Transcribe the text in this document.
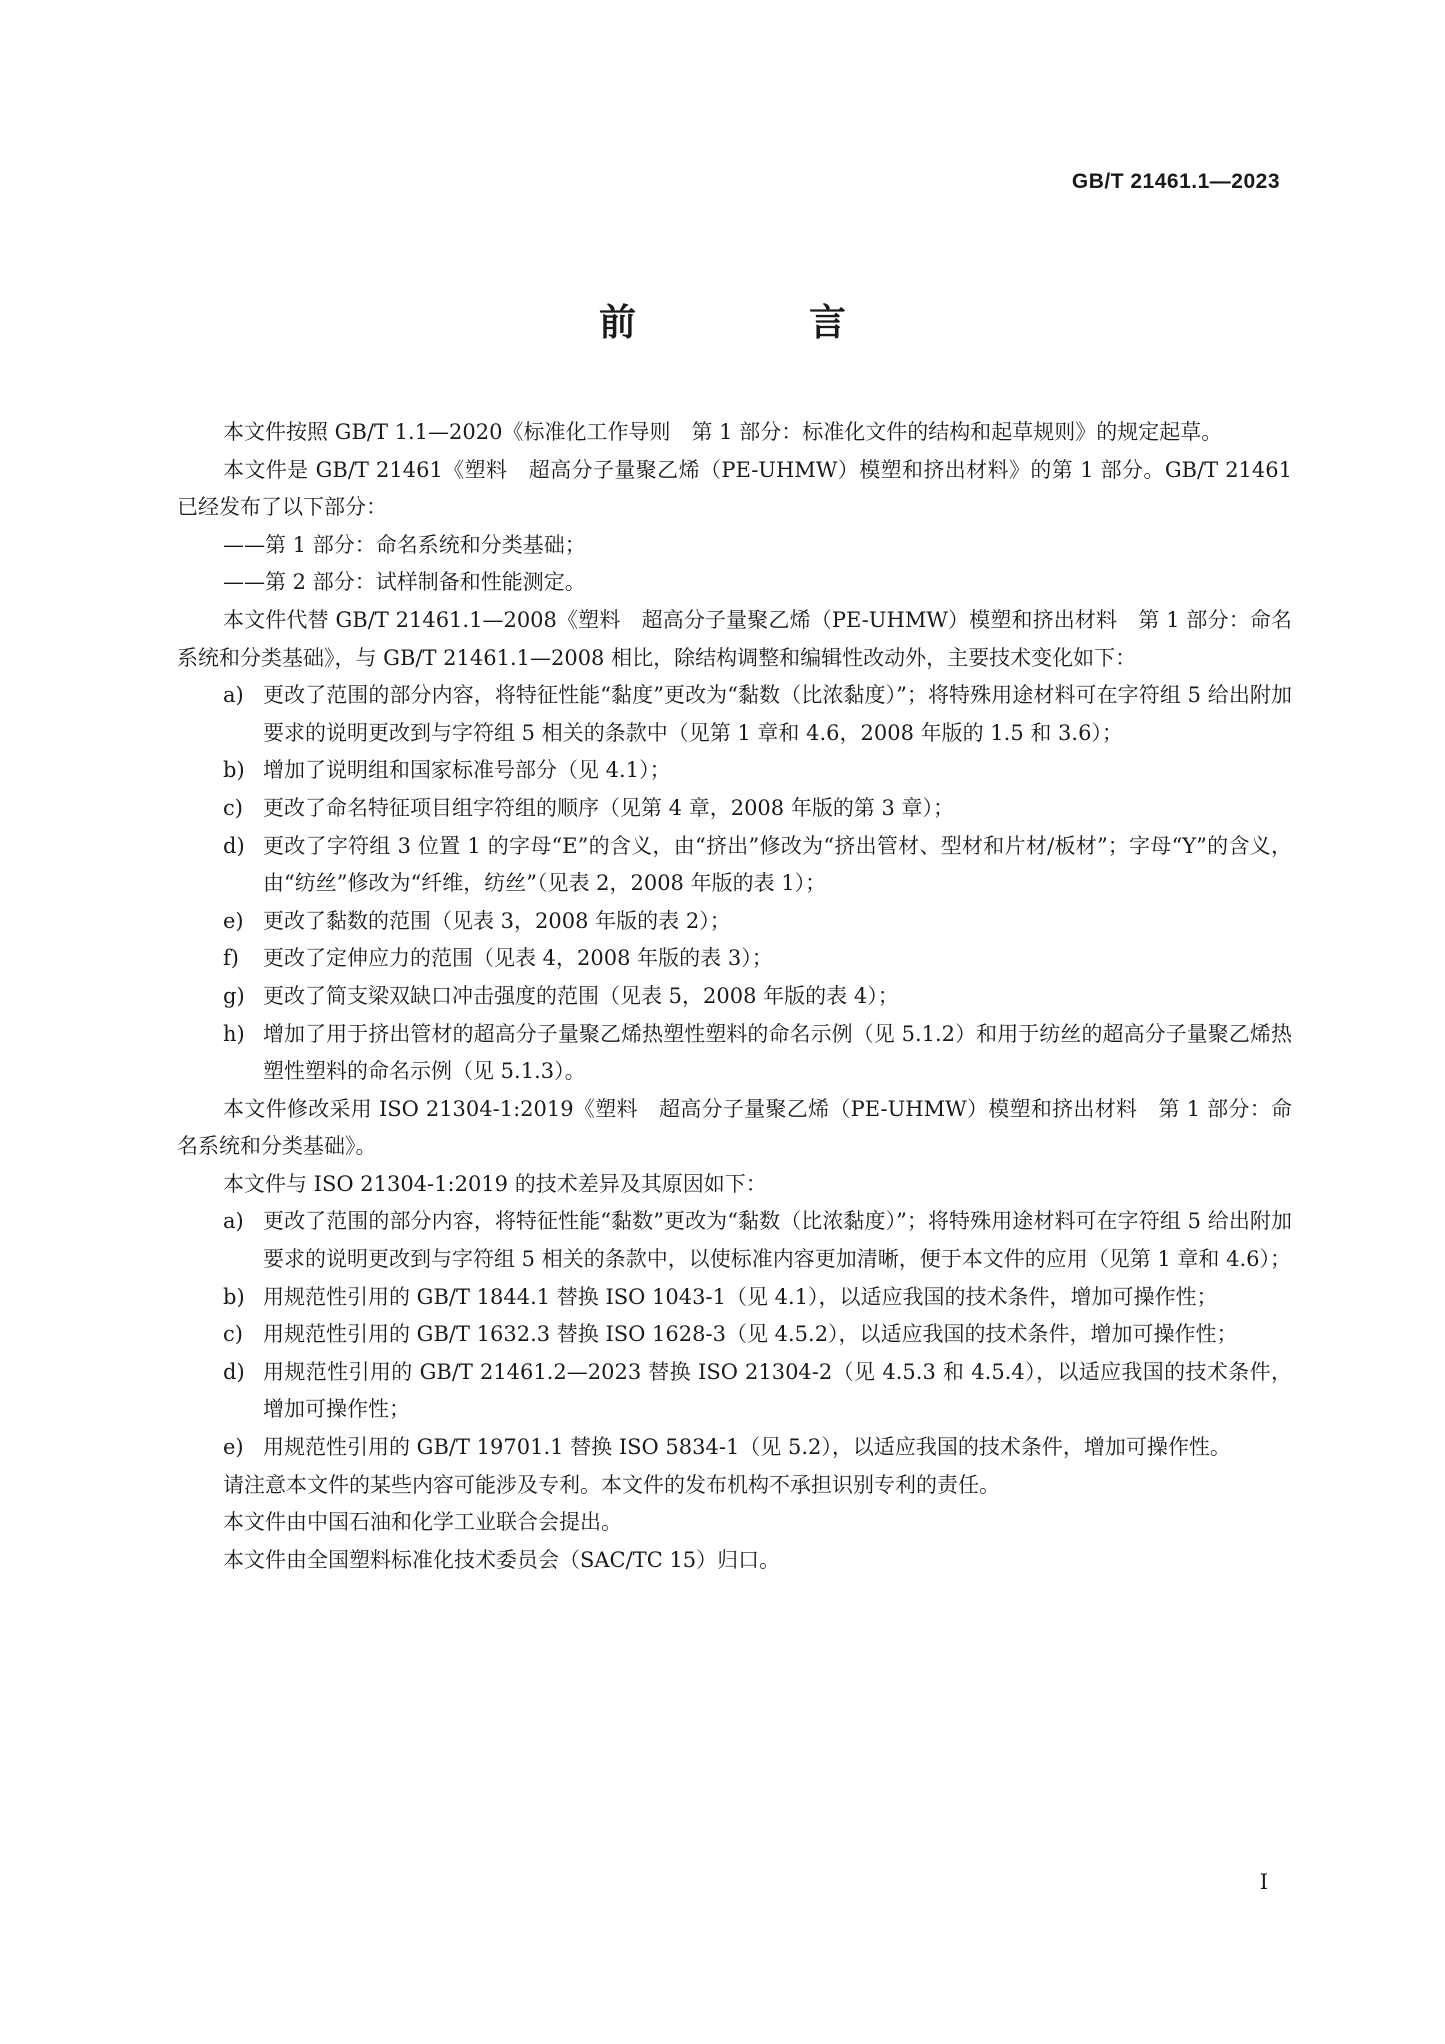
GB/T 21461.1—2023
前　言

本文件按照 GB/T 1.1—2020《标准化工作导则　第 1 部分：标准化文件的结构和起草规则》的规定起草。

本文件是 GB/T 21461《塑料　超高分子量聚乙烯（PE-UHMW）模塑和挤出材料》的第 1 部分。GB/T 21461 已经发布了以下部分：

——第 1 部分：命名系统和分类基础；

——第 2 部分：试样制备和性能测定。

本文件代替 GB/T 21461.1—2008《塑料　超高分子量聚乙烯（PE-UHMW）模塑和挤出材料　第 1 部分：命名系统和分类基础》，与 GB/T 21461.1—2008 相比，除结构调整和编辑性改动外，主要技术变化如下：

a) 更改了范围的部分内容，将特征性能“黏度”更改为“黏数（比浓黏度）”；将特殊用途材料可在字符组 5 给出附加要求的说明更改到与字符组 5 相关的条款中（见第 1 章和 4.6，2008 年版的 1.5 和 3.6）；

b) 增加了说明组和国家标准号部分（见 4.1）；

c) 更改了命名特征项目组字符组的顺序（见第 4 章，2008 年版的第 3 章）；

d) 更改了字符组 3 位置 1 的字母“E”的含义，由“挤出”修改为“挤出管材、型材和片材/板材”；字母“Y”的含义，由“纺丝”修改为“纤维，纺丝”（见表 2，2008 年版的表 1）；

e) 更改了黏数的范围（见表 3，2008 年版的表 2）；

f) 更改了定伸应力的范围（见表 4，2008 年版的表 3）；

g) 更改了简支梁双缺口冲击强度的范围（见表 5，2008 年版的表 4）；

h) 增加了用于挤出管材的超高分子量聚乙烯热塑性塑料的命名示例（见 5.1.2）和用于纺丝的超高分子量聚乙烯热塑性塑料的命名示例（见 5.1.3）。

本文件修改采用 ISO 21304-1:2019《塑料　超高分子量聚乙烯（PE-UHMW）模塑和挤出材料　第 1 部分：命名系统和分类基础》。

本文件与 ISO 21304-1:2019 的技术差异及其原因如下：

a) 更改了范围的部分内容，将特征性能“黏数”更改为“黏数（比浓黏度）”；将特殊用途材料可在字符组 5 给出附加要求的说明更改到与字符组 5 相关的条款中，以使标准内容更加清晰，便于本文件的应用（见第 1 章和 4.6）；

b) 用规范性引用的 GB/T 1844.1 替换 ISO 1043-1（见 4.1），以适应我国的技术条件，增加可操作性；

c) 用规范性引用的 GB/T 1632.3 替换 ISO 1628-3（见 4.5.2），以适应我国的技术条件，增加可操作性；

d) 用规范性引用的 GB/T 21461.2—2023 替换 ISO 21304-2（见 4.5.3 和 4.5.4），以适应我国的技术条件，增加可操作性；

e) 用规范性引用的 GB/T 19701.1 替换 ISO 5834-1（见 5.2），以适应我国的技术条件，增加可操作性。

请注意本文件的某些内容可能涉及专利。本文件的发布机构不承担识别专利的责任。

本文件由中国石油和化学工业联合会提出。

本文件由全国塑料标准化技术委员会（SAC/TC 15）归口。

I
